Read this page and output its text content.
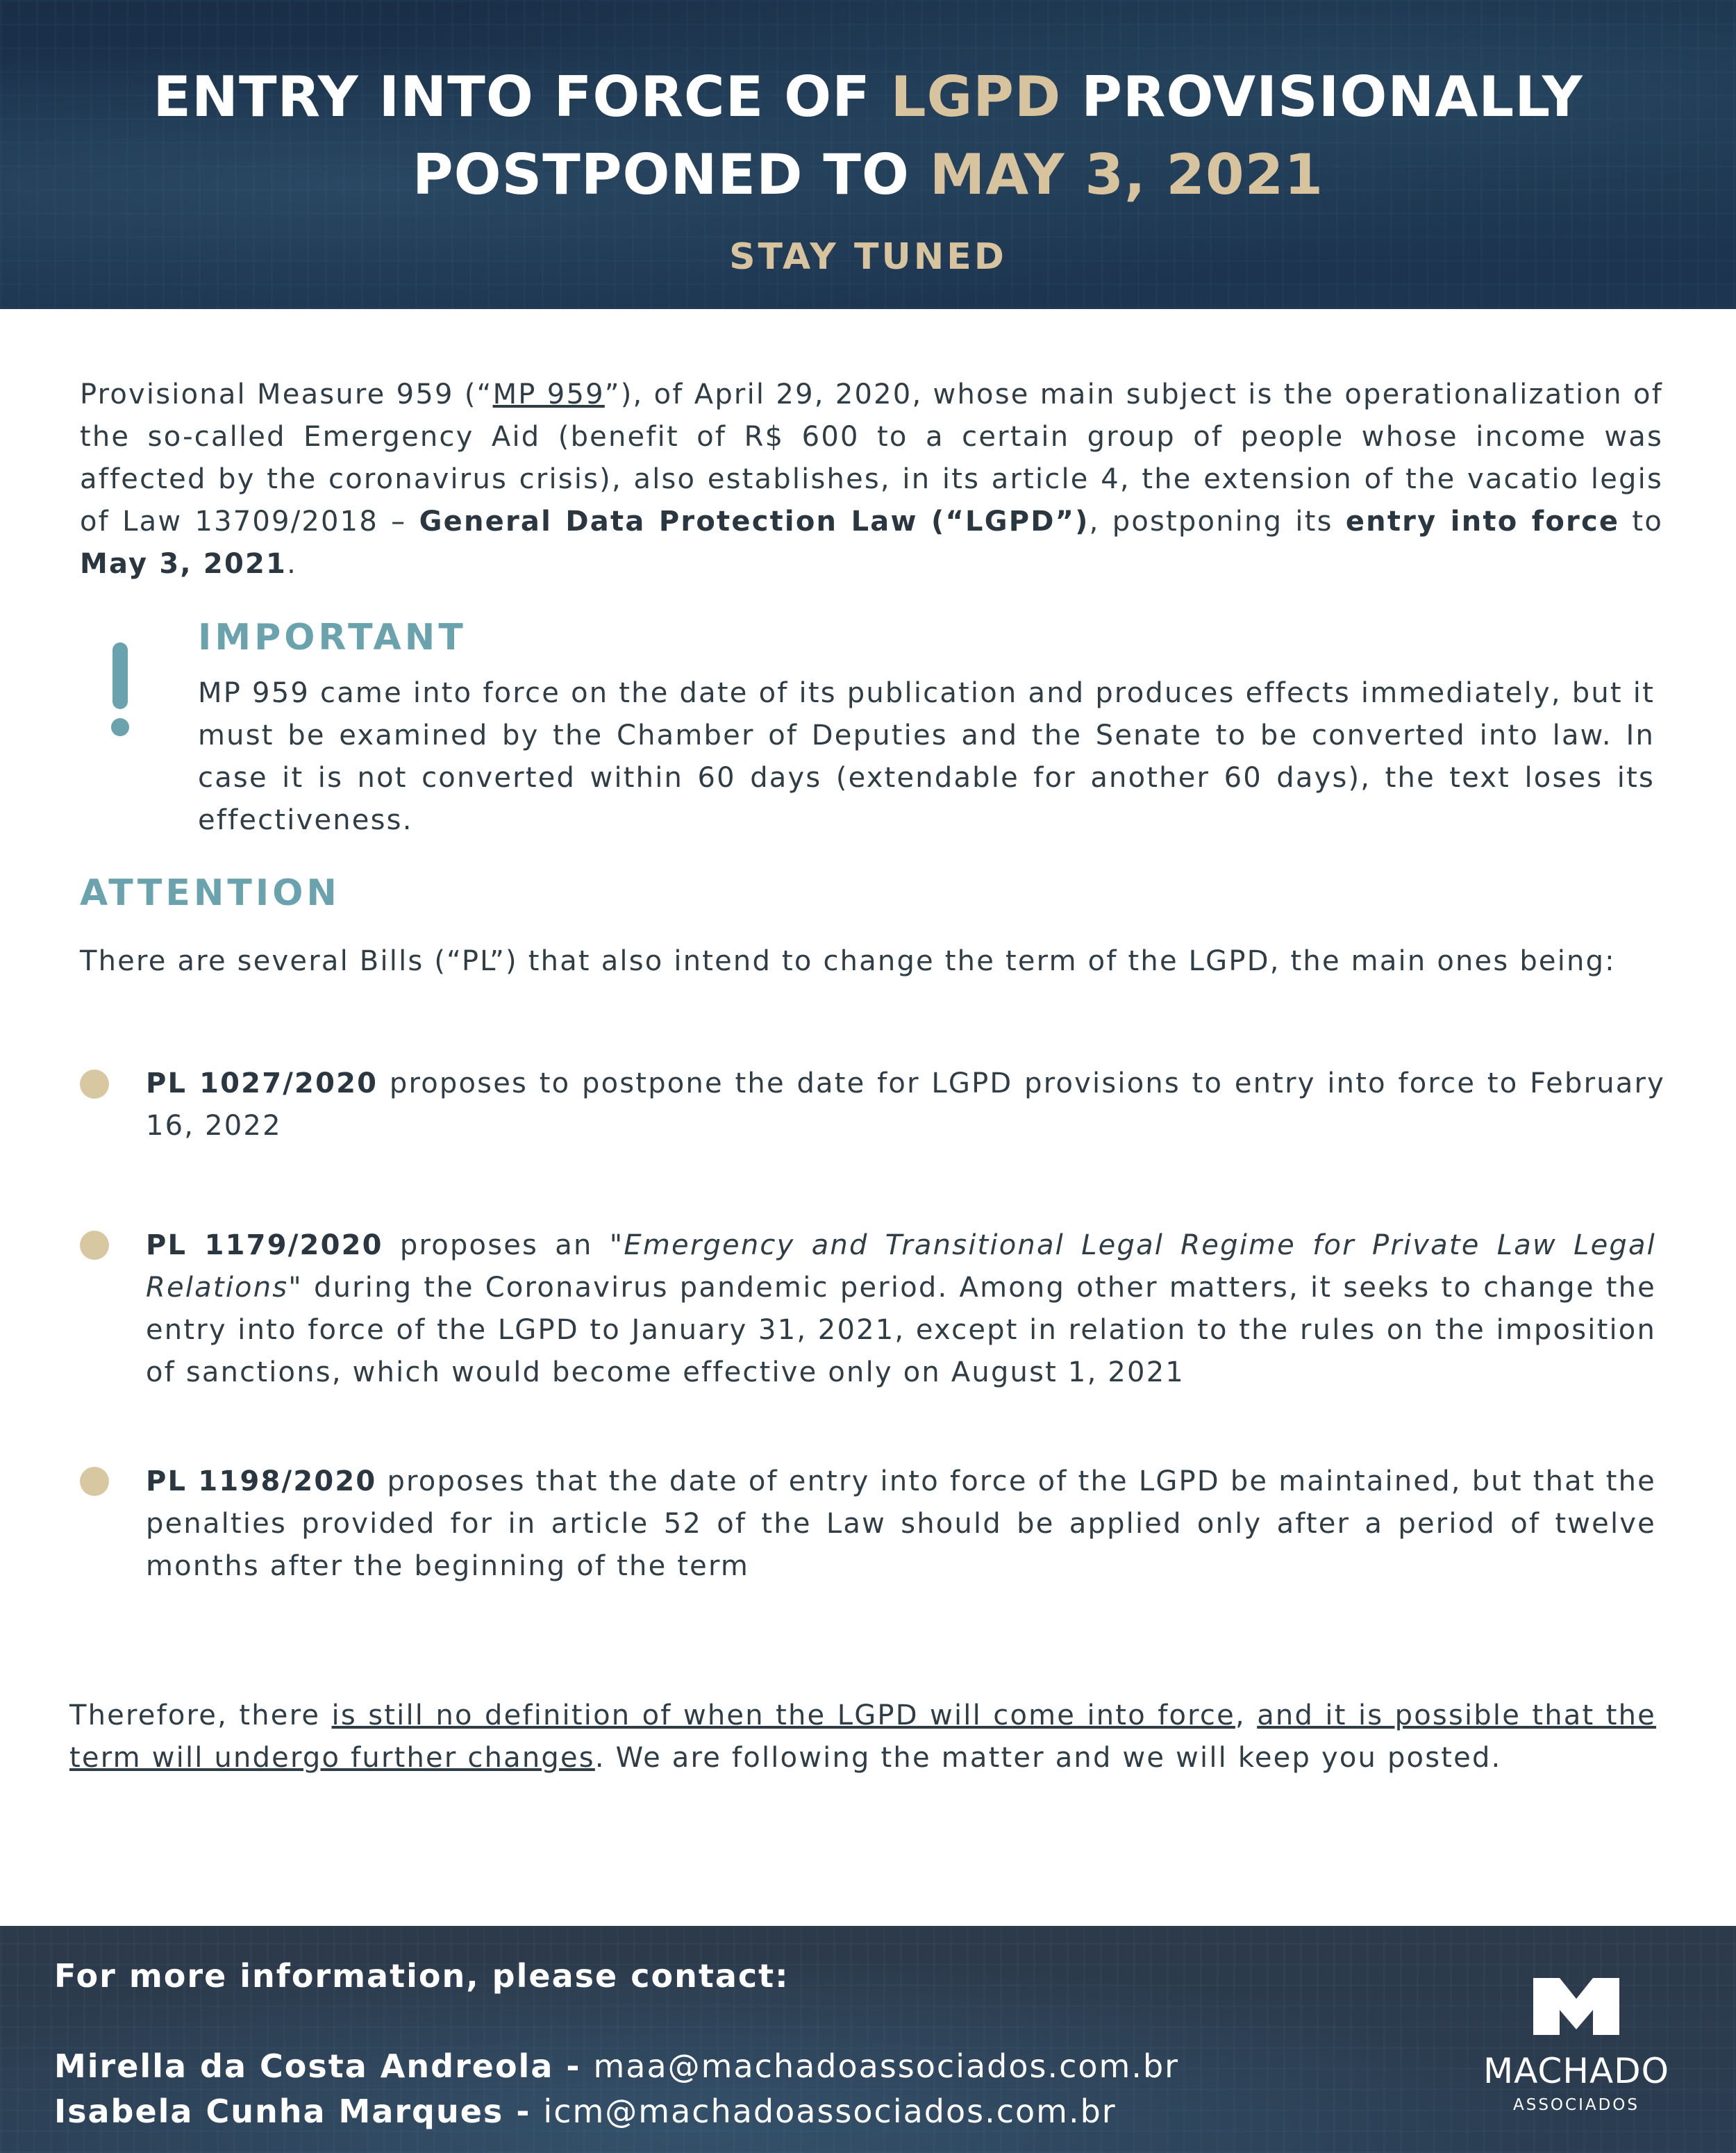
ENTRY INTO FORCE OF LGPD PROVISIONALLY
POSTPONED TO MAY 3, 2021
STAY TUNED
Provisional Measure 959 (“MP 959”), of April 29, 2020, whose main subject is the operationalization of the so-called Emergency Aid (benefit of R$ 600 to a certain group of people whose income was affected by the coronavirus crisis), also establishes, in its article 4, the extension of the vacatio legis of Law 13709/2018 – General Data Protection Law (“LGPD”), postponing its entry into force to May 3, 2021.
IMPORTANT
MP 959 came into force on the date of its publication and produces effects immediately, but it must be examined by the Chamber of Deputies and the Senate to be converted into law. In case it is not converted within 60 days (extendable for another 60 days), the text loses its effectiveness.
ATTENTION
There are several Bills (“PL”) that also intend to change the term of the LGPD, the main ones being:
PL 1027/2020 proposes to postpone the date for LGPD provisions to entry into force to February 16, 2022
PL 1179/2020 proposes an "Emergency and Transitional Legal Regime for Private Law Legal Relations" during the Coronavirus pandemic period. Among other matters, it seeks to change the entry into force of the LGPD to January 31, 2021, except in relation to the rules on the imposition of sanctions, which would become effective only on August 1, 2021
PL 1198/2020 proposes that the date of entry into force of the LGPD be maintained, but that the penalties provided for in article 52 of the Law should be applied only after a period of twelve months after the beginning of the term
Therefore, there is still no definition of when the LGPD will come into force, and it is possible that the term will undergo further changes. We are following the matter and we will keep you posted.
For more information, please contact:
Mirella da Costa Andreola - maa@machadoassociados.com.br
Isabela Cunha Marques - icm@machadoassociados.com.br
MACHADO
ASSOCIADOS
